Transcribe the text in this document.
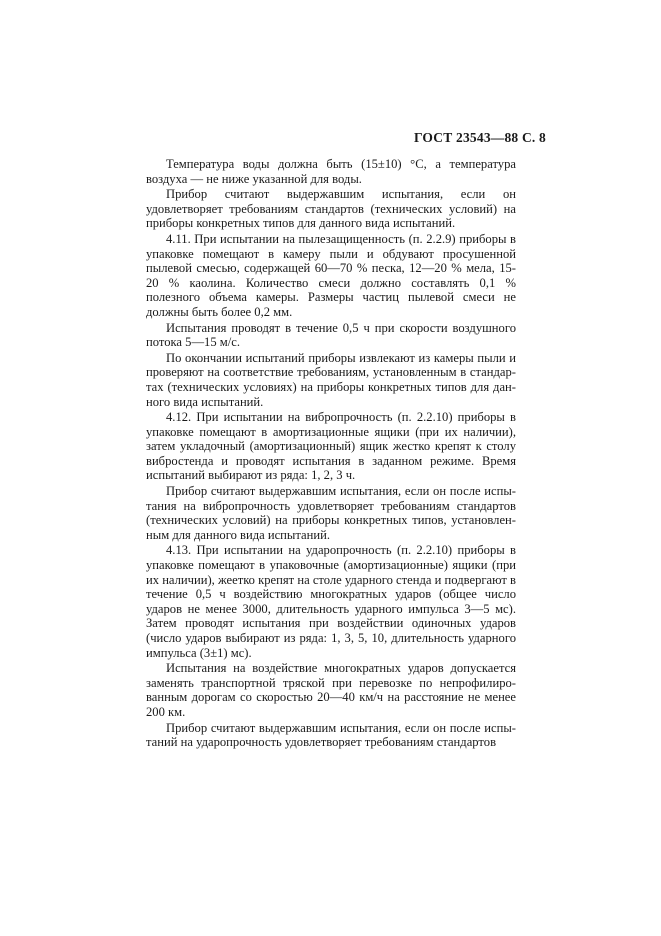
ГОСТ 23543—88 С. 8

Температура воды должна быть (15±10) °С, а температура воздуха — не ниже указанной для воды.

Прибор считают выдержавшим испытания, если он удовлетворяет требованиям стандартов (технических условий) на приборы конкретных типов для данного вида испытаний.

4.11. При испытании на пылезащищенность (п. 2.2.9) приборы в упаковке помещают в камеру пыли и обдувают просушенной пылевой смесью, содержащей 60—70 % песка, 12—20 % мела, 15-20 % каолина. Количество смеси должно составлять 0,1 % полезного объема камеры. Размеры частиц пылевой смеси не должны быть более 0,2 мм.

Испытания проводят в течение 0,5 ч при скорости воздушного потока 5—15 м/с.

По окончании испытаний приборы извлекают из камеры пыли и проверяют на соответствие требованиям, установленным в стандартах (технических условиях) на приборы конкретных типов для данного вида испытаний.

4.12. При испытании на вибропрочность (п. 2.2.10) приборы в упаковке помещают в амортизационные ящики (при их наличии), затем укладочный (амортизационный) ящик жестко крепят к столу вибростенда и проводят испытания в заданном режиме. Время испытаний выбирают из ряда: 1, 2, 3 ч.

Прибор считают выдержавшим испытания, если он после испытания на вибропрочность удовлетворяет требованиям стандартов (технических условий) на приборы конкретных типов, установленным для данного вида испытаний.

4.13. При испытании на ударопрочность (п. 2.2.10) приборы в упаковке помещают в упаковочные (амортизационные) ящики (при их наличии), жеетко крепят на столе ударного стенда и подвергают в течение 0,5 ч воздействию многократных ударов (общее число ударов не менее 3000, длительность ударного импульса 3—5 мс). Затем проводят испытания при воздействии одиночных ударов (число ударов выбирают из ряда: 1, 3, 5, 10, длительность ударного импульса (3±1) мс).

Испытания на воздействие многократных ударов допускается заменять транспортной тряской при перевозке по непрофилированным дорогам со скоростью 20—40 км/ч на расстояние не менее 200 км.

Прибор считают выдержавшим испытания, если он после испытаний на ударопрочность удовлетворяет требованиям стандартов
